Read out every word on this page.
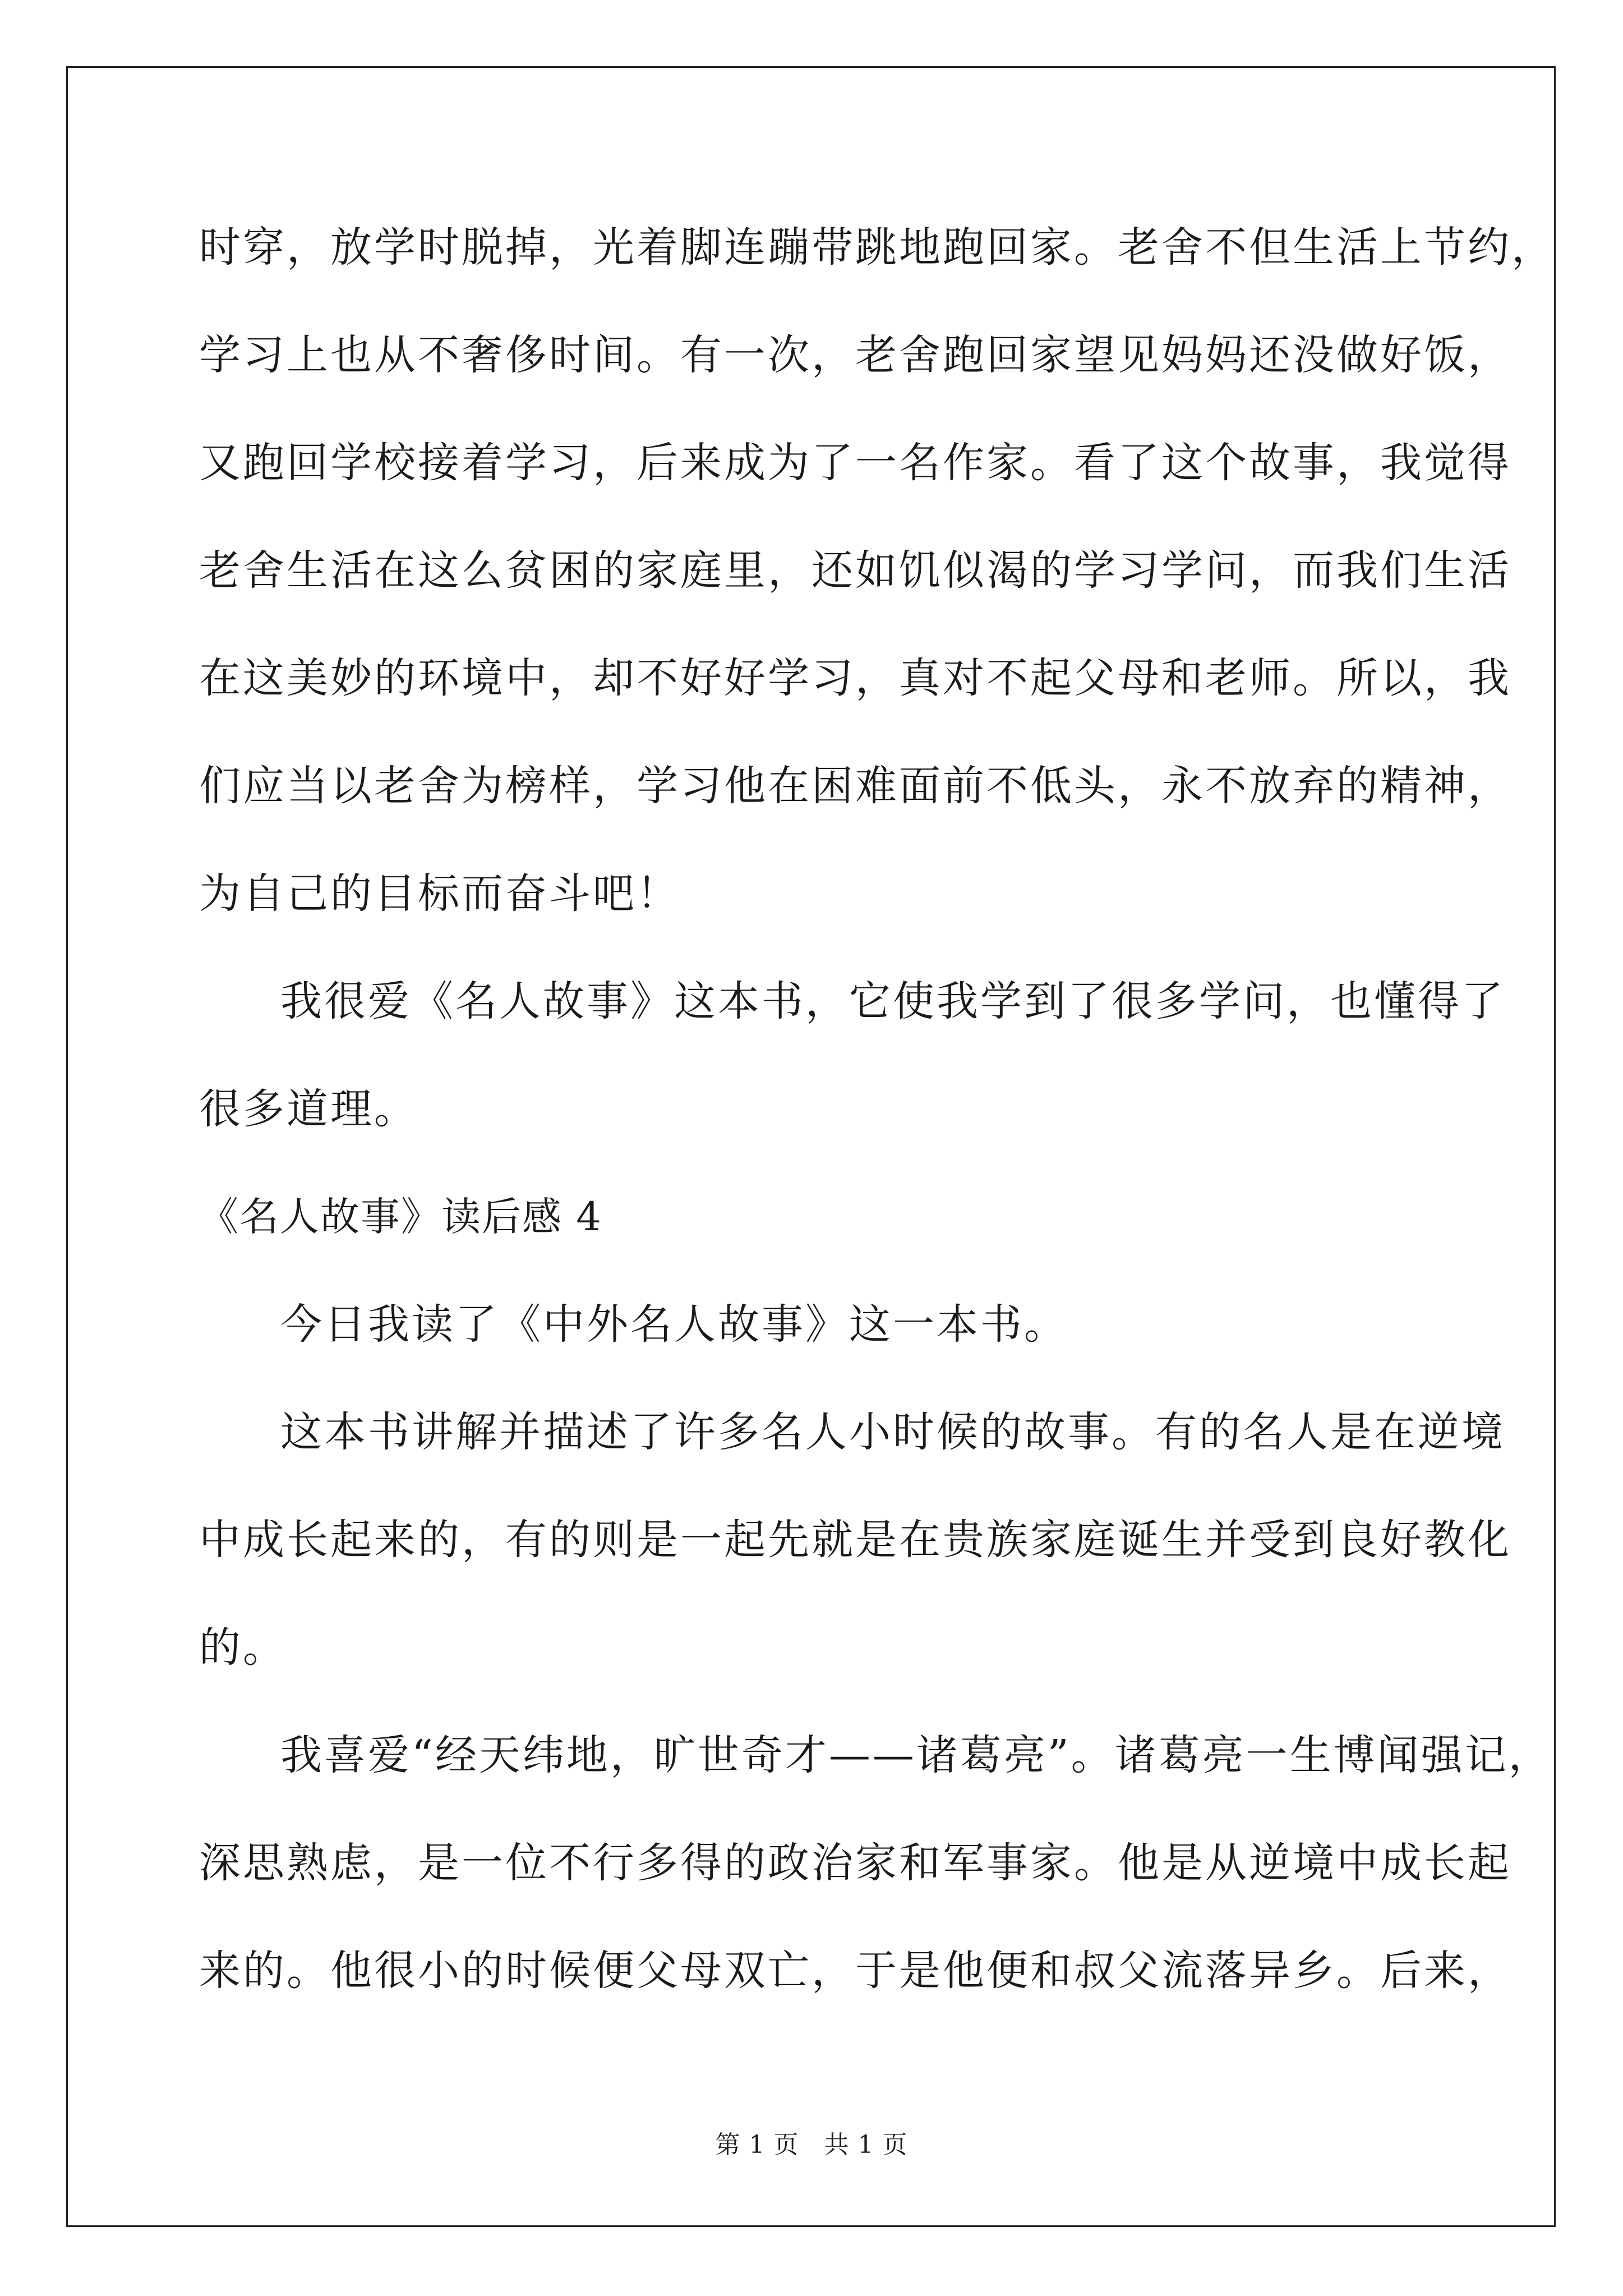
时穿，放学时脱掉，光着脚连蹦带跳地跑回家。老舍不但生活上节约，
学习上也从不奢侈时间。有一次，老舍跑回家望见妈妈还没做好饭，
又跑回学校接着学习，后来成为了一名作家。看了这个故事，我觉得
老舍生活在这么贫困的家庭里，还如饥似渴的学习学问，而我们生活
在这美妙的环境中，却不好好学习，真对不起父母和老师。所以，我
们应当以老舍为榜样，学习他在困难面前不低头，永不放弃的精神，
为自己的目标而奋斗吧！
我很爱《名人故事》这本书，它使我学到了很多学问，也懂得了
很多道理。
《名人故事》读后感 4
今日我读了《中外名人故事》这一本书。
这本书讲解并描述了许多名人小时候的故事。有的名人是在逆境
中成长起来的，有的则是一起先就是在贵族家庭诞生并受到良好教化
的。
我喜爱“经天纬地，旷世奇才——诸葛亮”。诸葛亮一生博闻强记，
深思熟虑，是一位不行多得的政治家和军事家。他是从逆境中成长起
来的。他很小的时候便父母双亡，于是他便和叔父流落异乡。后来，
第 1 页　共 1 页
